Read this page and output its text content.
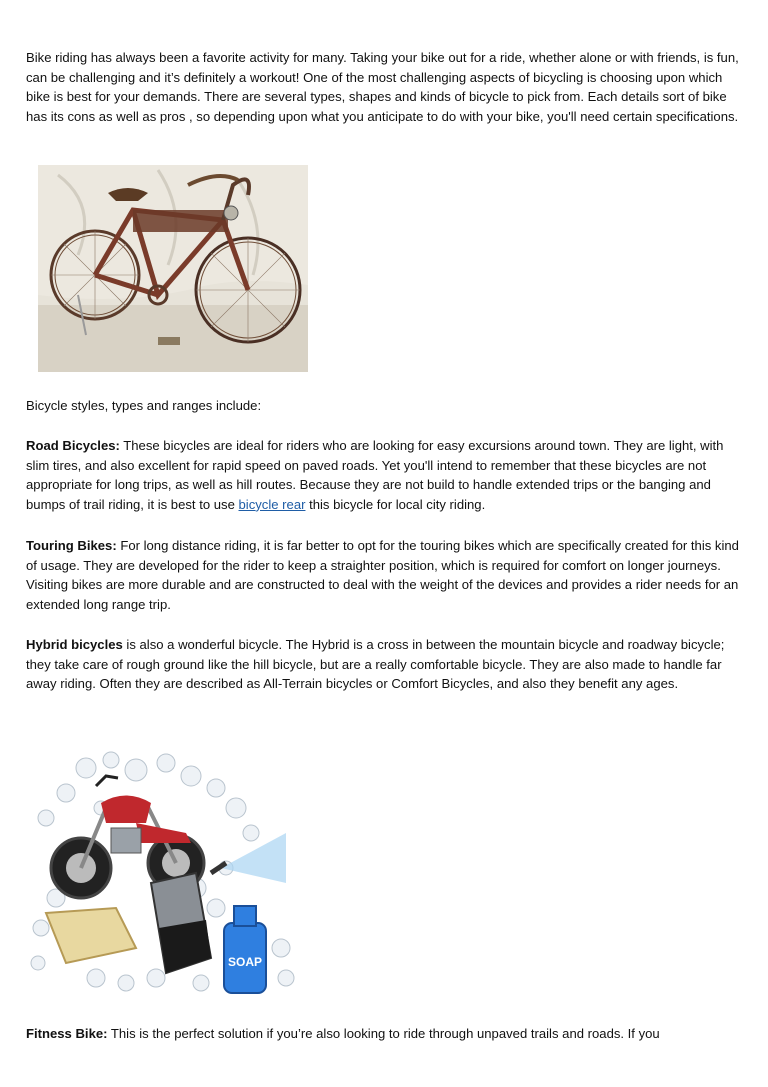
Bike riding has always been a favorite activity for many. Taking your bike out for a ride, whether alone or with friends, is fun, can be challenging and it’s definitely a workout! One of the most challenging aspects of bicycling is choosing upon which bike is best for your demands. There are several types, shapes and kinds of bicycle to pick from. Each details sort of bike has its cons as well as pros , so depending upon what you anticipate to do with your bike, you'll need certain specifications.

Bicycle styles, types and ranges include:

Road Bicycles: These bicycles are ideal for riders who are looking for easy excursions around town. They are light, with slim tires, and also excellent for rapid speed on paved roads. Yet you'll intend to remember that these bicycles are not appropriate for long trips, as well as hill routes. Because they are not build to handle extended trips or the banging and bumps of trail riding, it is best to use bicycle rear this bicycle for local city riding.

Touring Bikes: For long distance riding, it is far better to opt for the touring bikes which are specifically created for this kind of usage. They are developed for the rider to keep a straighter position, which is required for comfort on longer journeys. Visiting bikes are more durable and are constructed to deal with the weight of the devices and provides a rider needs for an extended long range trip.

Hybrid bicycles is also a wonderful bicycle. The Hybrid is a cross in between the mountain bicycle and roadway bicycle; they take care of rough ground like the hill bicycle, but are a really comfortable bicycle. They are also made to handle far away riding. Often they are described as All-Terrain bicycles or Comfort Bicycles, and also they benefit any ages.

SOAP

Fitness Bike: This is the perfect solution if you’re also looking to ride through unpaved trails and roads. If you
